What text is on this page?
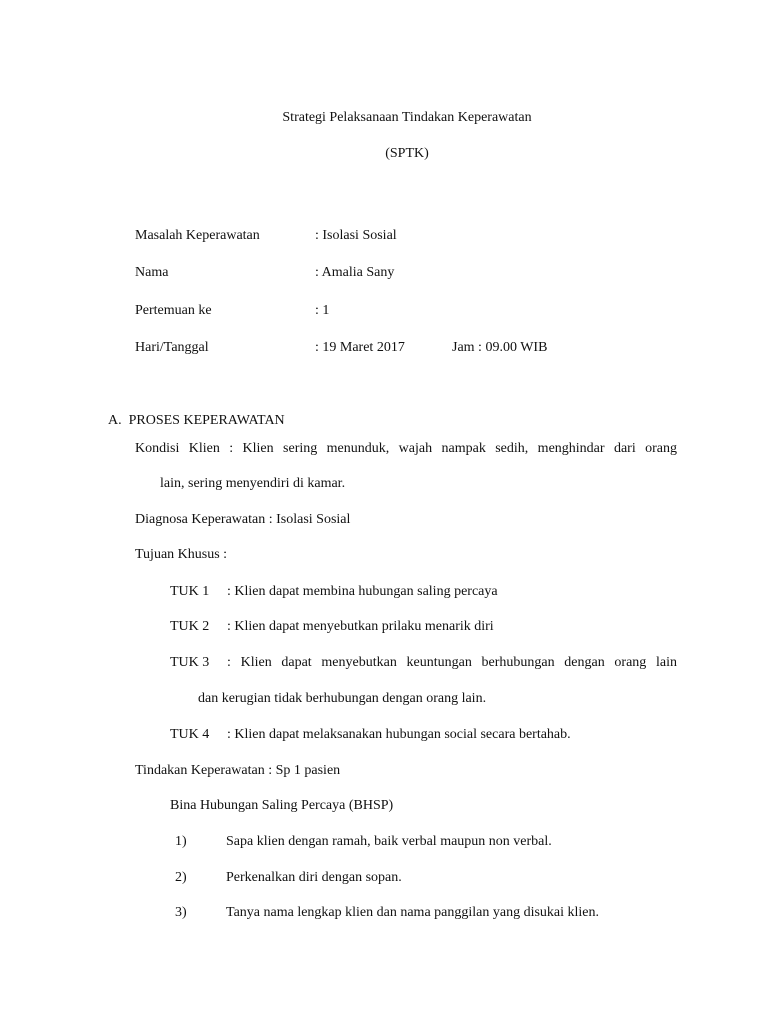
Strategi Pelaksanaan Tindakan Keperawatan
(SPTK)
Masalah Keperawatan	: Isolasi Sosial
Nama	: Amalia Sany
Pertemuan ke	: 1
Hari/Tanggal	: 19 Maret 2017	Jam : 09.00 WIB
A.  PROSES KEPERAWATAN
Kondisi Klien : Klien sering menunduk, wajah nampak sedih, menghindar dari orang
lain, sering menyendiri di kamar.
Diagnosa Keperawatan : Isolasi Sosial
Tujuan Khusus :
TUK 1 : Klien dapat membina hubungan saling percaya
TUK 2 : Klien dapat menyebutkan prilaku menarik diri
TUK 3 : Klien dapat menyebutkan keuntungan berhubungan dengan orang lain
dan kerugian tidak berhubungan dengan orang lain.
TUK 4 : Klien dapat melaksanakan hubungan social secara bertahab.
Tindakan Keperawatan : Sp 1 pasien
Bina Hubungan Saling Percaya (BHSP)
1)	Sapa klien dengan ramah, baik verbal maupun non verbal.
2)	Perkenalkan diri dengan sopan.
3)	Tanya nama lengkap klien dan nama panggilan yang disukai klien.
